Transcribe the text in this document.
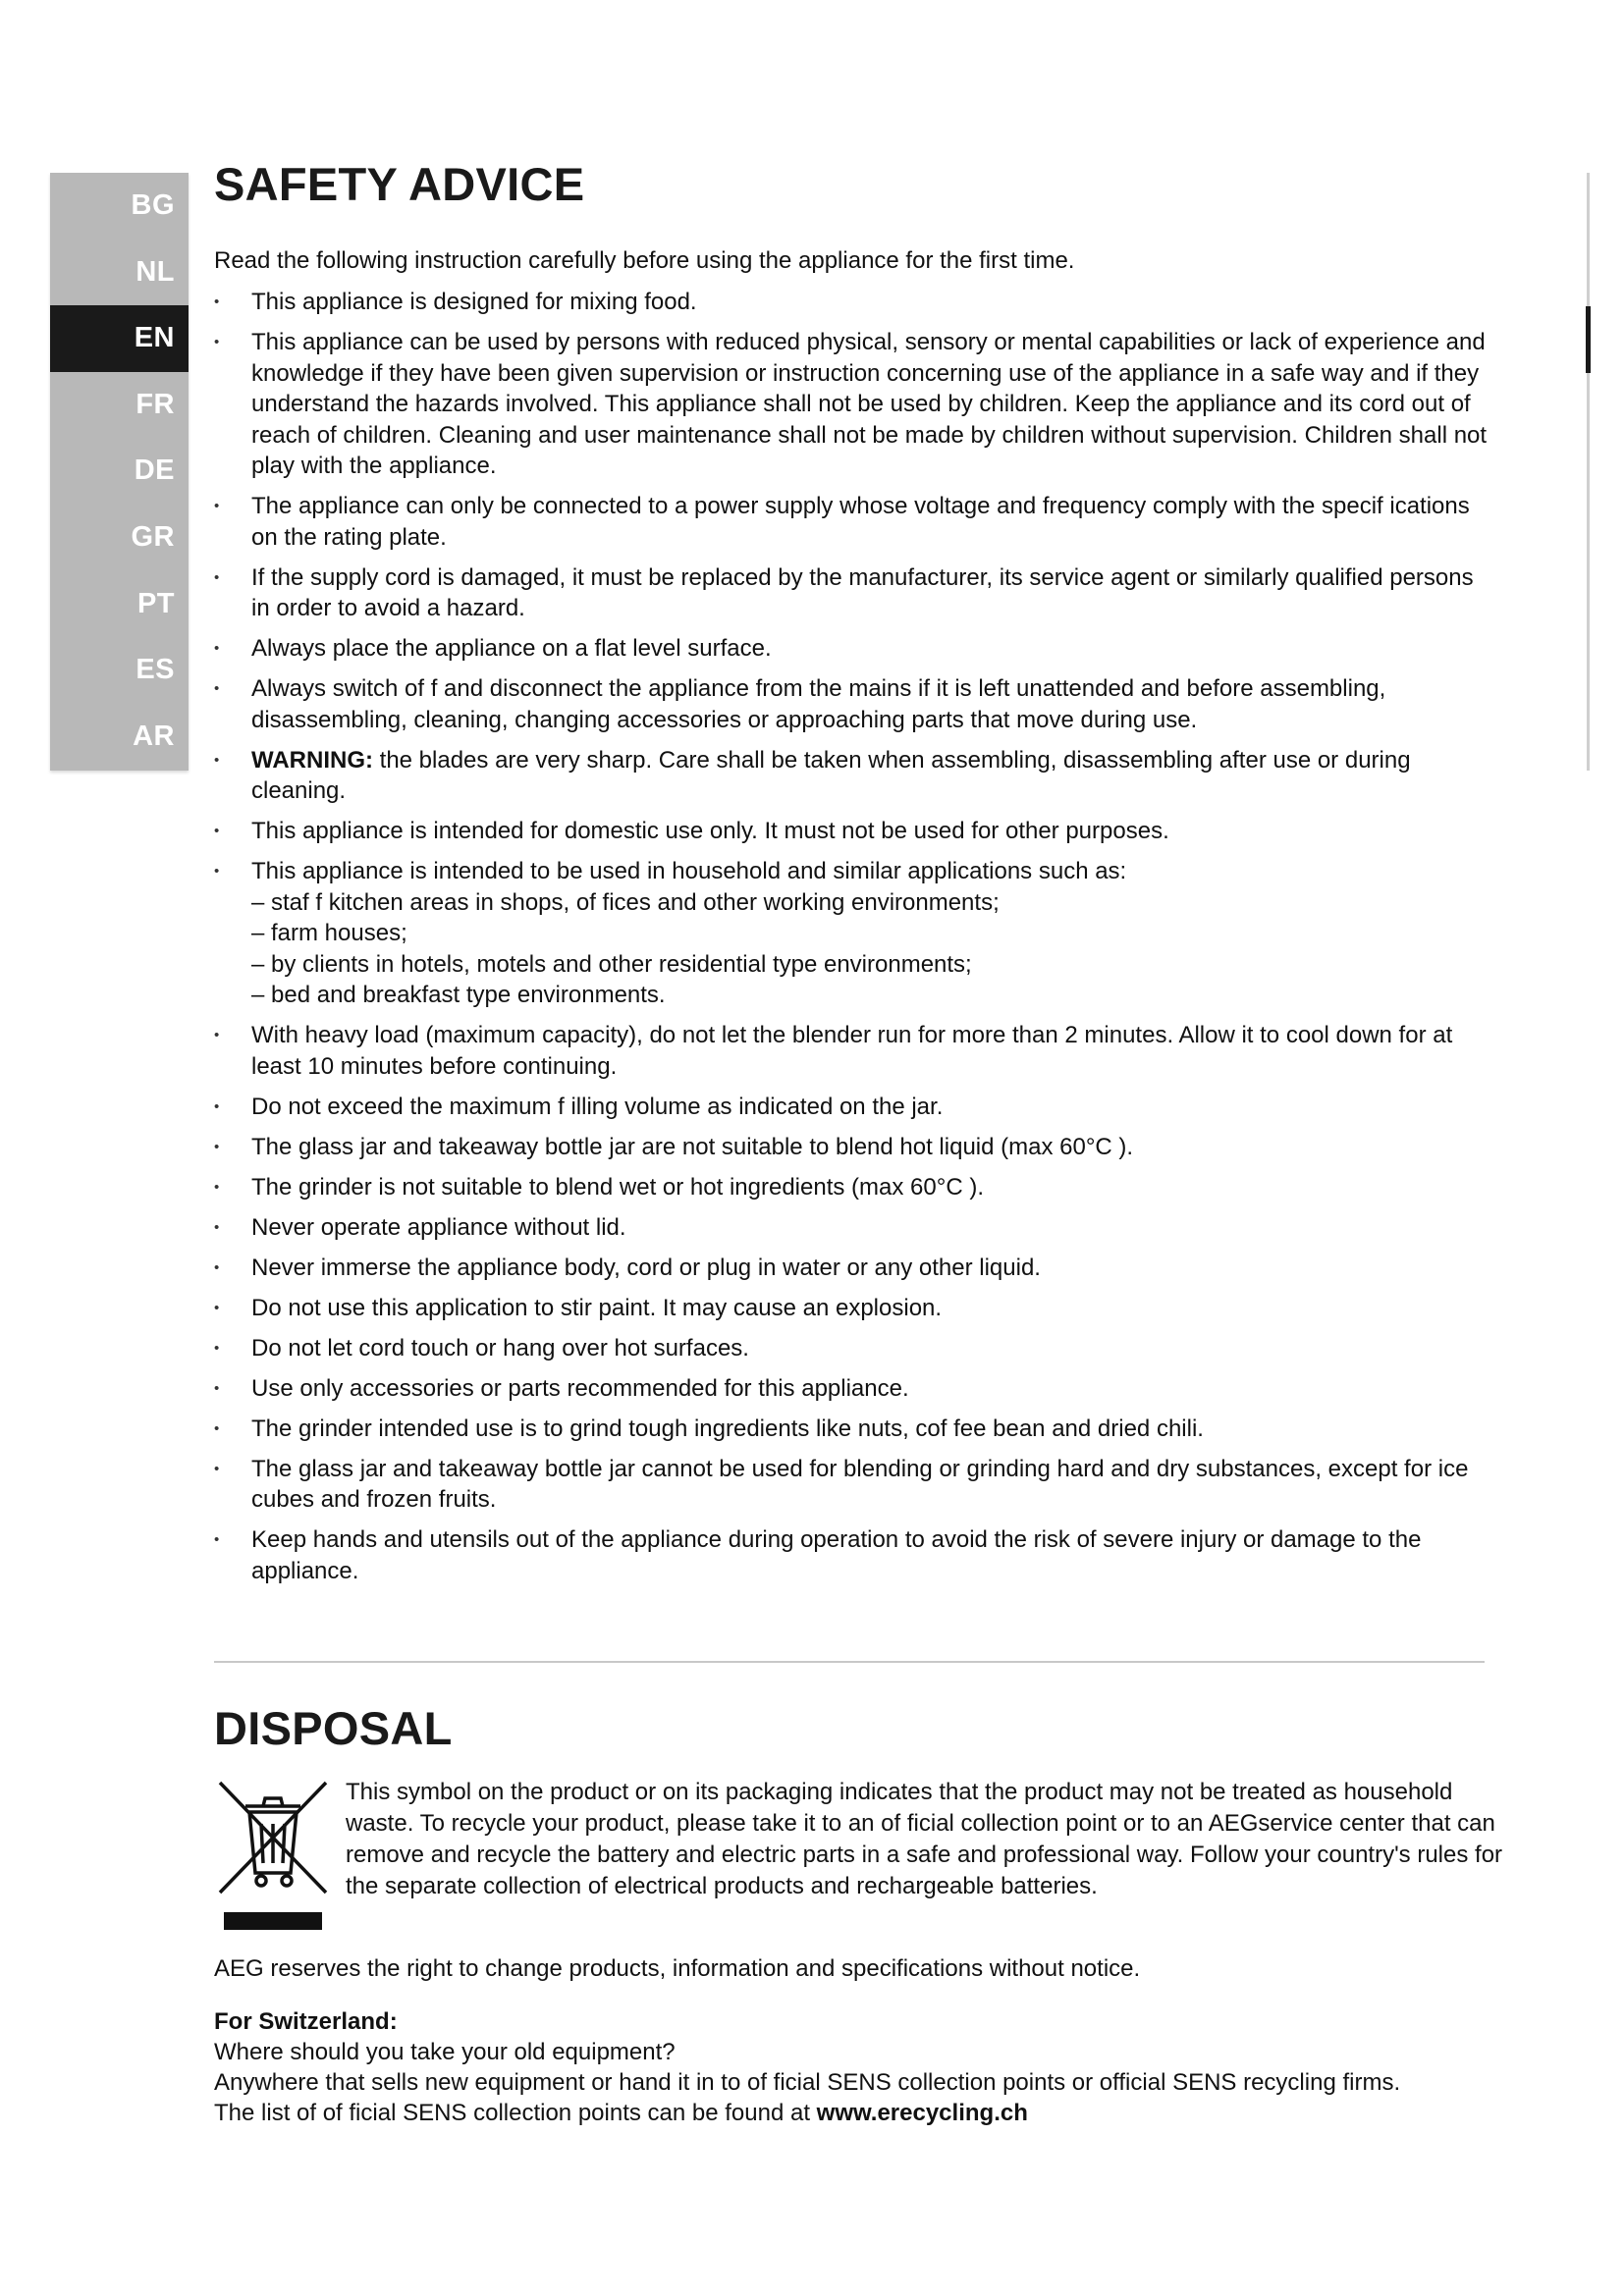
BG
NL
EN
FR
DE
GR
PT
ES
AR
SAFETY ADVICE
Read the following instruction carefully before using the appliance for the first time.
• This appliance is designed for mixing food.
• This appliance can be used by persons with reduced physical, sensory or mental capabilities or lack of experience and knowledge if they have been given supervision or instruction concerning use of the appliance in a safe way and if they understand the hazards involved. This appliance shall not be used by children. Keep the appliance and its cord out of reach of children. Cleaning and user maintenance shall not be made by children without supervision. Children shall not play with the appliance.
• The appliance can only be connected to a power supply whose voltage and frequency comply with the specif ications on the rating plate.
• If the supply cord is damaged, it must be replaced by the manufacturer, its service agent or similarly qualified persons in order to avoid a hazard.
• Always place the appliance on a flat level surface.
• Always switch of f and disconnect the appliance from the mains if it is left unattended and before assembling, disassembling, cleaning, changing accessories or approaching parts that move during use.
• WARNING: the blades are very sharp. Care shall be taken when assembling, disassembling after use or during cleaning.
• This appliance is intended for domestic use only. It must not be used for other purposes.
• This appliance is intended to be used in household and similar applications such as:
– staf f kitchen areas in shops, of fices and other working environments;
– farm houses;
– by clients in hotels, motels and other residential type environments;
– bed and breakfast type environments.
• With heavy load (maximum capacity), do not let the blender run for more than 2 minutes. Allow it to cool down for at least 10 minutes before continuing.
• Do not exceed the maximum f illing volume as indicated on the jar.
• The glass jar and takeaway bottle jar are not suitable to blend hot liquid (max 60°C ).
• The grinder is not suitable to blend wet or hot ingredients (max 60°C ).
• Never operate appliance without lid.
• Never immerse the appliance body, cord or plug in water or any other liquid.
• Do not use this application to stir paint. It may cause an explosion.
• Do not let cord touch or hang over hot surfaces.
• Use only accessories or parts recommended for this appliance.
• The grinder intended use is to grind tough ingredients like nuts, cof fee bean and dried chili.
• The glass jar and takeaway bottle jar cannot be used for blending or grinding hard and dry substances, except for ice cubes and frozen fruits.
• Keep hands and utensils out of the appliance during operation to avoid the risk of severe injury or damage to the appliance.
DISPOSAL
This symbol on the product or on its packaging indicates that the product may not be treated as household waste. To recycle your product, please take it to an of ficial collection point or to an AEGservice center that can remove and recycle the battery and electric parts in a safe and professional way. Follow your country's rules for the separate collection of electrical products and rechargeable batteries.
AEG reserves the right to change products, information and specifications without notice.
For Switzerland:
Where should you take your old equipment?
Anywhere that sells new equipment or hand it in to of ficial SENS collection points or official SENS recycling firms.
The list of of ficial SENS collection points can be found at www.erecycling.ch
